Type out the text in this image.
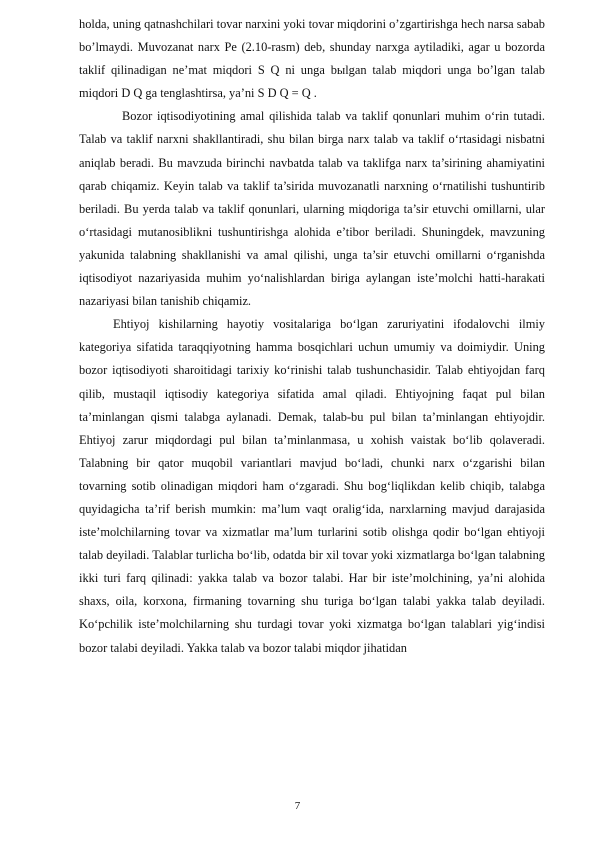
holda, uning qatnashchilari tovar narxini yoki tovar miqdorini o’zgartirishga hech narsa sabab bo’lmaydi. Muvozanat narx Pe (2.10-rasm) deb, shunday narxga aytiladiki, agar u bozorda taklif qilinadigan ne’mat miqdori S Q ni unga bыlgan talab miqdori unga bo’lgan talab miqdori D Q ga tenglashtirsa, ya’ni S D Q = Q .

Bozor iqtisodiyotining amal qilishida talab va taklif qonunlari muhim o‘rin tutadi. Talab va taklif narxni shakllantiradi, shu bilan birga narx talab va taklif o‘rtasidagi nisbatni aniqlab beradi. Bu mavzuda birinchi navbatda talab va taklifga narx ta’sirining ahamiyatini qarab chiqamiz. Keyin talab va taklif ta’sirida muvozanatli narxning o‘rnatilishi tushuntirib beriladi. Bu yerda talab va taklif qonunlari, ularning miqdoriga ta’sir etuvchi omillarni, ular o‘rtasidagi mutanosiblikni tushuntirishga alohida e’tibor beriladi. Shuningdek, mavzuning yakunida talabning shakllanishi va amal qilishi, unga ta’sir etuvchi omillarni o‘rganishda iqtisodiyot nazariyasida muhim yo‘nalishlardan biriga aylangan iste’molchi hatti-harakati nazariyasi bilan tanishib chiqamiz.

Ehtiyoj kishilarning hayotiy vositalariga bo‘lgan zaruriyatini ifodalovchi ilmiy kategoriya sifatida taraqqiyotning hamma bosqichlari uchun umumiy va doimiydir. Uning bozor iqtisodiyoti sharoitidagi tarixiy ko‘rinishi talab tushunchasidir. Talab ehtiyojdan farq qilib, mustaqil iqtisodiy kategoriya sifatida amal qiladi. Ehtiyojning faqat pul bilan ta’minlangan qismi talabga aylanadi. Demak, talab-bu pul bilan ta’minlangan ehtiyojdir. Ehtiyoj zarur miqdordagi pul bilan ta’minlanmasa, u xohish vaistak bo‘lib qolaveradi. Talabning bir qator muqobil variantlari mavjud bo‘ladi, chunki narx o‘zgarishi bilan tovarning sotib olinadigan miqdori ham o‘zgaradi. Shu bog‘liqlikdan kelib chiqib, talabga quyidagicha ta’rif berish mumkin: ma’lum vaqt oralig‘ida, narxlarning mavjud darajasida iste’molchilarning tovar va xizmatlar ma’lum turlarini sotib olishga qodir bo‘lgan ehtiyoji talab deyiladi. Talablar turlicha bo‘lib, odatda bir xil tovar yoki xizmatlarga bo‘lgan talabning ikki turi farq qilinadi: yakka talab va bozor talabi. Har bir iste’molchining, ya’ni alohida shaxs, oila, korxona, firmaning tovarning shu turiga bo‘lgan talabi yakka talab deyiladi. Ko‘pchilik iste’molchilarning shu turdagi tovar yoki xizmatga bo‘lgan talablari yig‘indisi bozor talabi deyiladi. Yakka talab va bozor talabi miqdor jihatidan

7
